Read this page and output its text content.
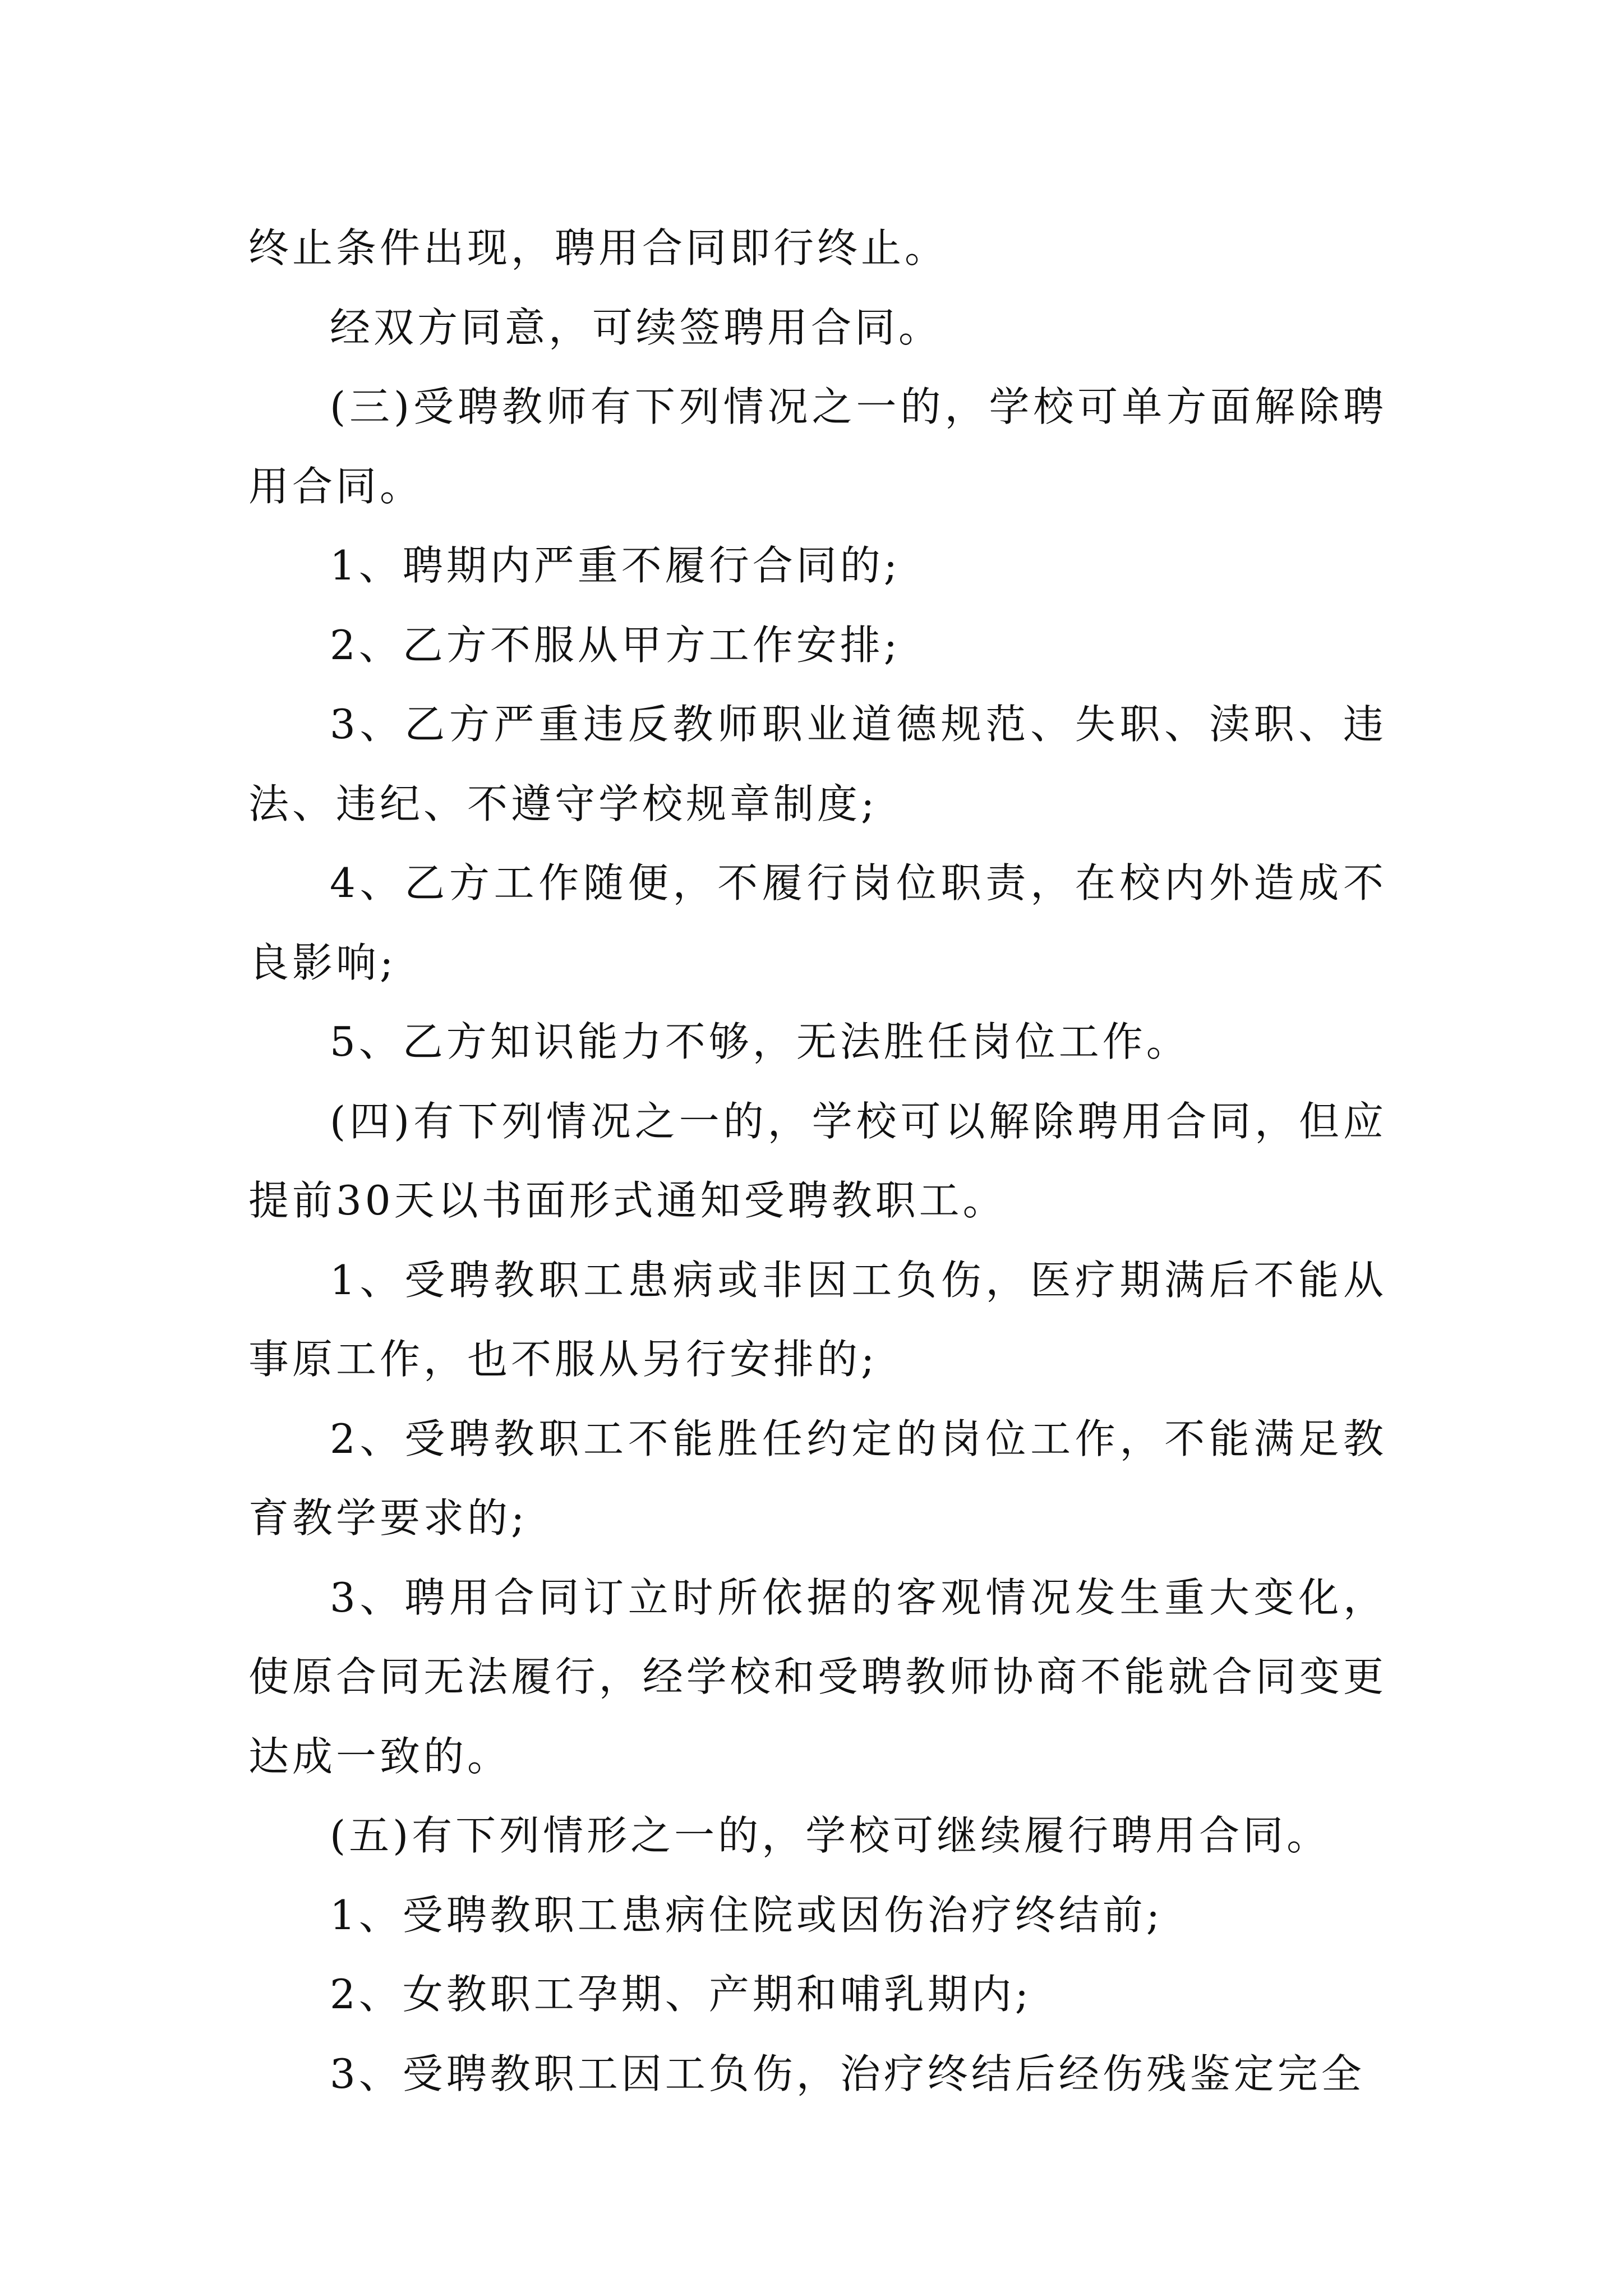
终止条件出现，聘用合同即行终止。

经双方同意，可续签聘用合同。

(三)受聘教师有下列情况之一的，学校可单方面解除聘用合同。

1、聘期内严重不履行合同的;

2、乙方不服从甲方工作安排;

3、乙方严重违反教师职业道德规范、失职、渎职、违法、违纪、不遵守学校规章制度;

4、乙方工作随便，不履行岗位职责，在校内外造成不良影响;

5、乙方知识能力不够，无法胜任岗位工作。

(四)有下列情况之一的，学校可以解除聘用合同，但应提前30天以书面形式通知受聘教职工。

1、受聘教职工患病或非因工负伤，医疗期满后不能从事原工作，也不服从另行安排的;

2、受聘教职工不能胜任约定的岗位工作，不能满足教育教学要求的;

3、聘用合同订立时所依据的客观情况发生重大变化，使原合同无法履行，经学校和受聘教师协商不能就合同变更达成一致的。

(五)有下列情形之一的，学校可继续履行聘用合同。

1、受聘教职工患病住院或因伤治疗终结前;

2、女教职工孕期、产期和哺乳期内;

3、受聘教职工因工负伤，治疗终结后经伤残鉴定完全
